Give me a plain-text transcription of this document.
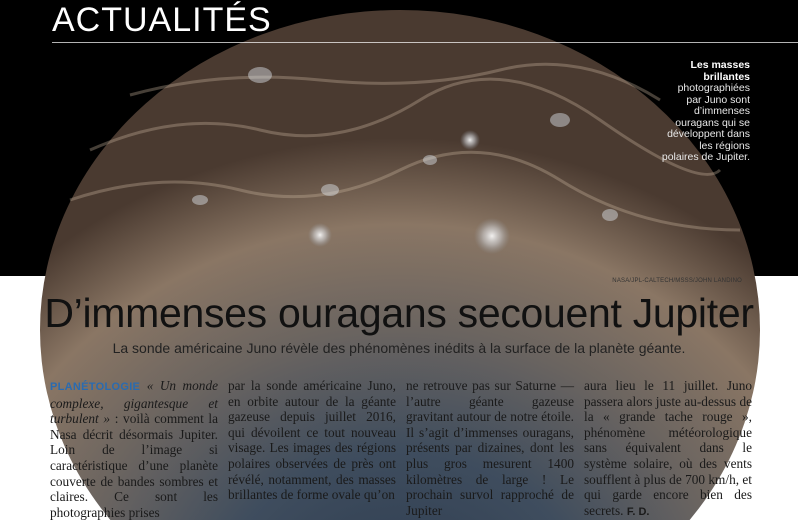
ACTUALITÉS
Les masses brillantes photographiées par Juno sont d’immenses ouragans qui se développent dans les régions polaires de Jupiter.
NASA/JPL-CALTECH/MSSS/JOHN LANDINO
D’immenses ouragans secouent Jupiter
La sonde américaine Juno révèle des phénomènes inédits à la surface de la planète géante.
PLANÉTOLOGIE « Un monde complexe, gigantesque et turbulent » : voilà comment la Nasa décrit désormais Jupiter. Loin de l’image si caractéristique d’une planète couverte de bandes sombres et claires. Ce sont les photographies prises
par la sonde américaine Juno, en orbite autour de la géante gazeuse depuis juillet 2016, qui dévoilent ce tout nouveau visage. Les images des régions polaires observées de près ont révélé, notamment, des masses brillantes de forme ovale qu’on
ne retrouve pas sur Saturne — l’autre géante gazeuse gravitant autour de notre étoile. Il s’agit d’immenses ouragans, présents par dizaines, dont les plus gros mesurent 1400 kilomètres de large ! Le prochain survol rapproché de Jupiter
aura lieu le 11 juillet. Juno passera alors juste au-dessus de la « grande tache rouge », phénomène météorologique sans équivalent dans le système solaire, où des vents soufflent à plus de 700 km/h, et qui garde encore bien des secrets. F. D.
